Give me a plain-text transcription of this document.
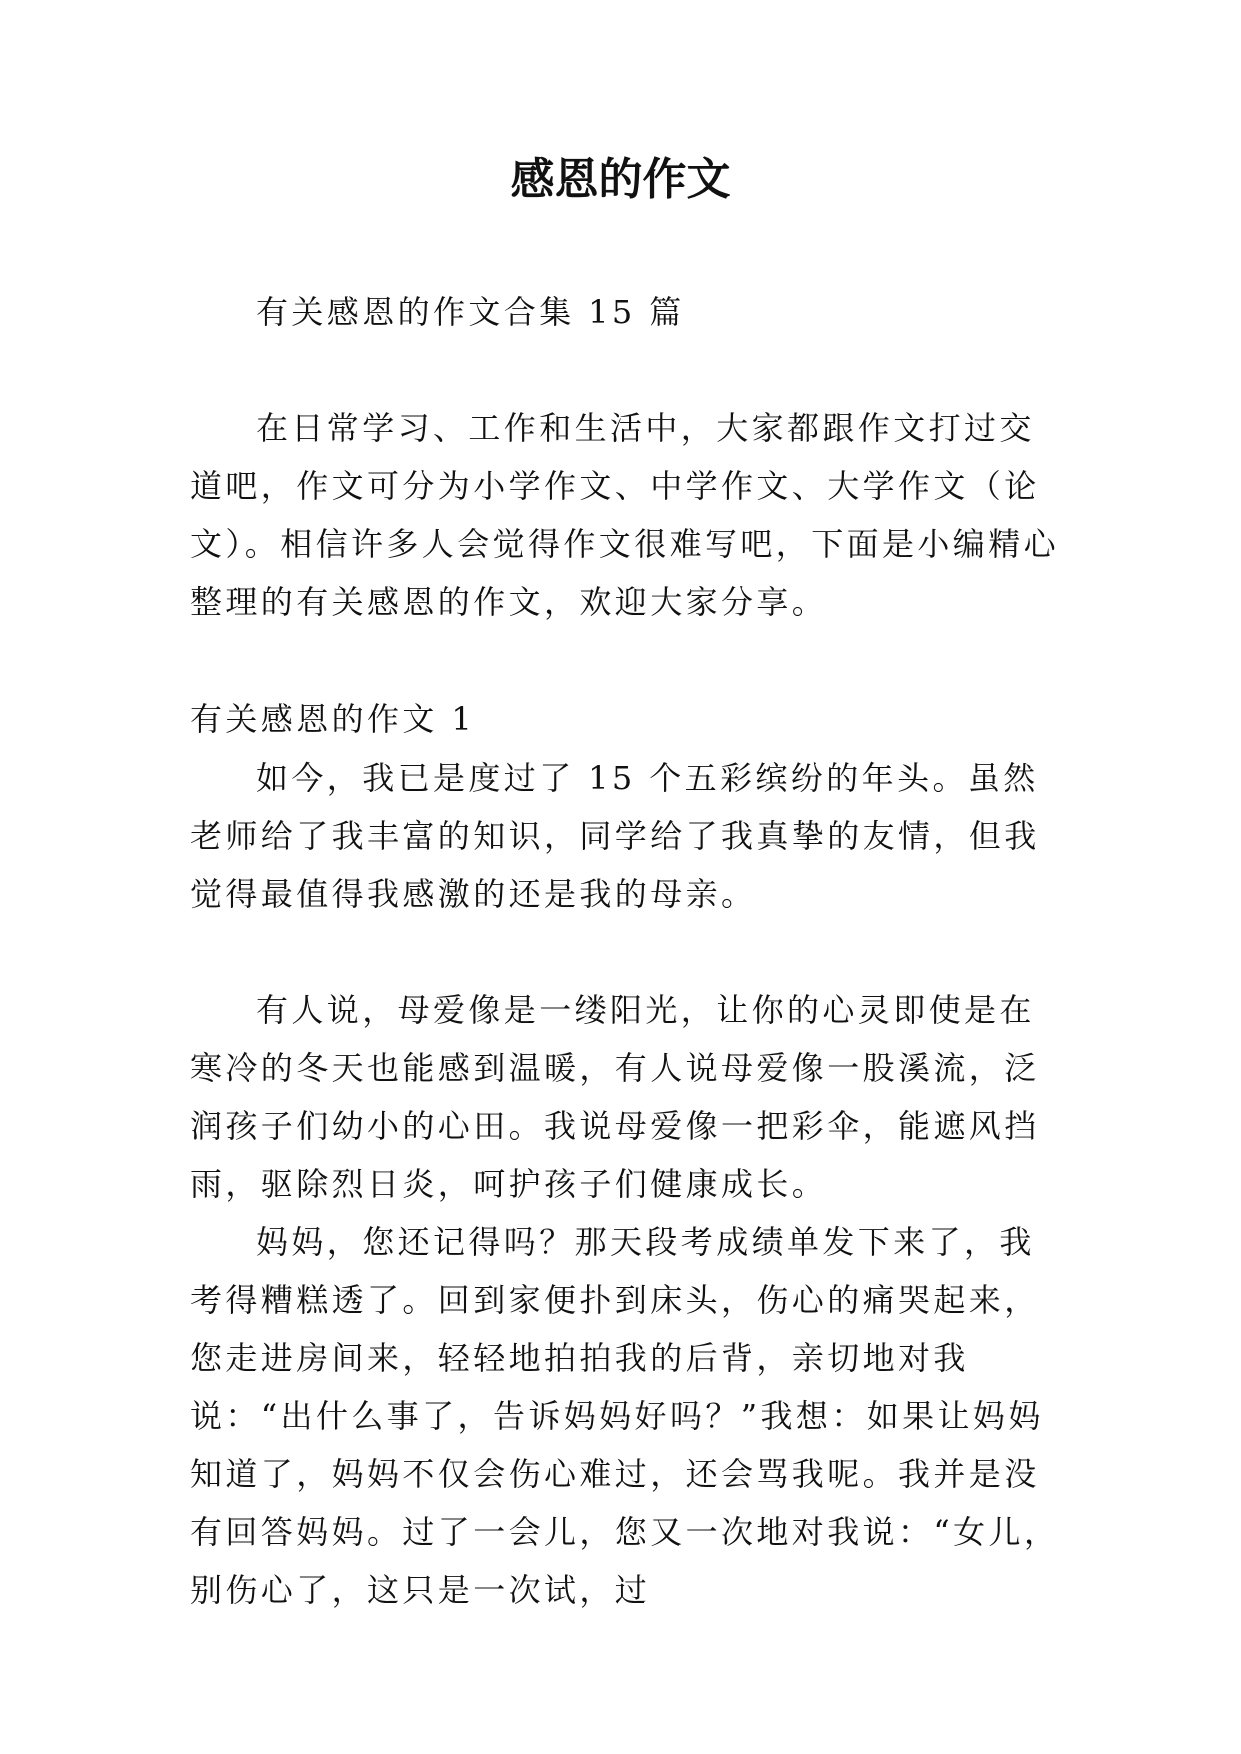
感恩的作文

有关感恩的作文合集 15 篇

在日常学习、工作和生活中，大家都跟作文打过交道吧，作文可分为小学作文、中学作文、大学作文（论文）。相信许多人会觉得作文很难写吧，下面是小编精心整理的有关感恩的作文，欢迎大家分享。

有关感恩的作文 1

如今，我已是度过了 15 个五彩缤纷的年头。虽然老师给了我丰富的知识，同学给了我真挚的友情，但我觉得最值得我感激的还是我的母亲。

有人说，母爱像是一缕阳光，让你的心灵即使是在寒冷的冬天也能感到温暖，有人说母爱像一股溪流，泛润孩子们幼小的心田。我说母爱像一把彩伞，能遮风挡雨，驱除烈日炎，呵护孩子们健康成长。

妈妈，您还记得吗？那天段考成绩单发下来了，我考得糟糕透了。回到家便扑到床头，伤心的痛哭起来，您走进房间来，轻轻地拍拍我的后背，亲切地对我说：“出什么事了，告诉妈妈好吗？”我想：如果让妈妈知道了，妈妈不仅会伤心难过，还会骂我呢。我并是没有回答妈妈。过了一会儿，您又一次地对我说：“女儿，别伤心了，这只是一次试，过
